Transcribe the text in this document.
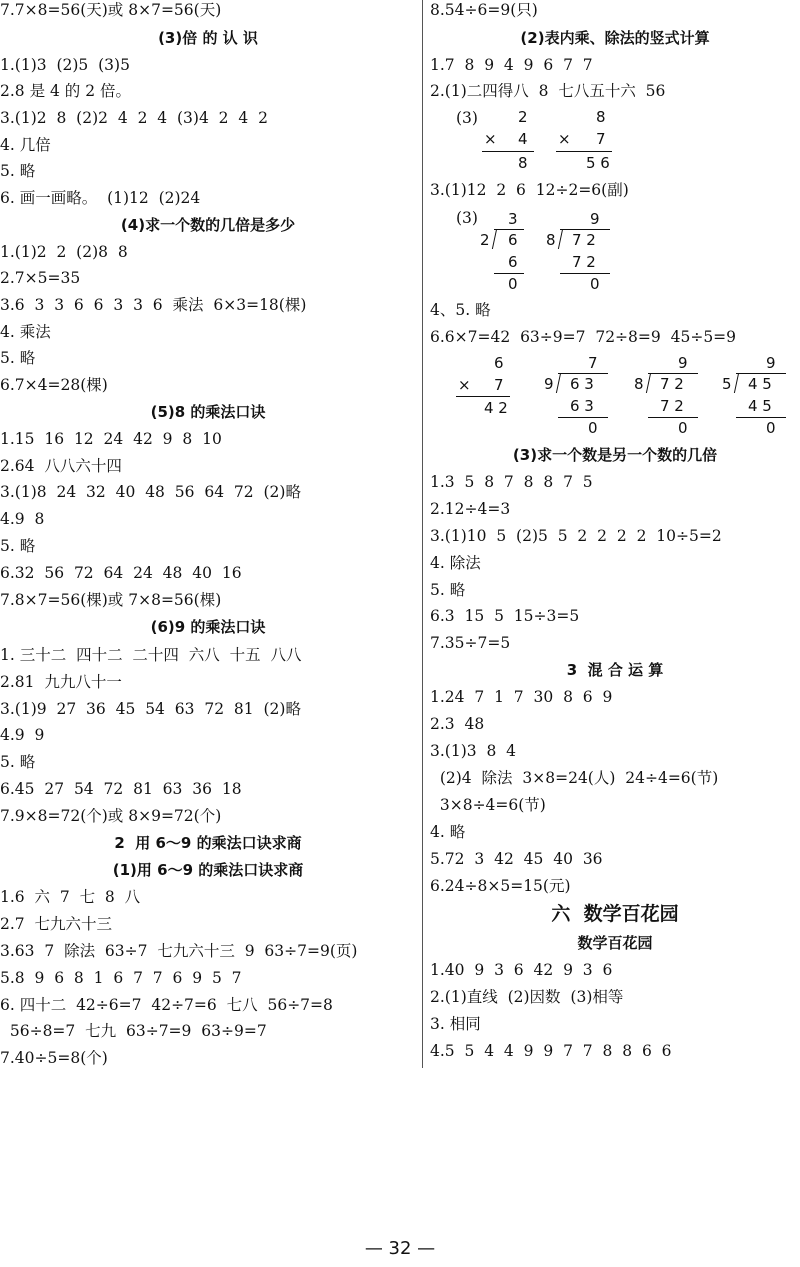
7.7×8=56(天)或 8×7=56(天)
(3)倍 的 认 识
1.(1)3  (2)5  (3)5
2.8 是 4 的 2 倍。
3.(1)2  8  (2)2  4  2  4  (3)4  2  4  2
4. 几倍
5. 略
6. 画一画略。  (1)12  (2)24
(4)求一个数的几倍是多少
1.(1)2  2  (2)8  8
2.7×5=35
3.6  3  3  6  6  3  3  6  乘法  6×3=18(棵)
4. 乘法
5. 略
6.7×4=28(棵)
(5)8 的乘法口诀
1.15  16  12  24  42  9  8  10
2.64  八八六十四
3.(1)8  24  32  40  48  56  64  72  (2)略
4.9  8
5. 略
6.32  56  72  64  24  48  40  16
7.8×7=56(棵)或 7×8=56(棵)
(6)9 的乘法口诀
1. 三十二  四十二  二十四  六八  十五  八八
2.81  九九八十一
3.(1)9  27  36  45  54  63  72  81  (2)略
4.9  9
5. 略
6.45  27  54  72  81  63  36  18
7.9×8=72(个)或 8×9=72(个)
2  用 6～9 的乘法口诀求商
(1)用 6～9 的乘法口诀求商
1.6  六  7  七  8  八
2.7  七九六十三
3.63  7  除法  63÷7  七九六十三  9  63÷7=9(页)
5.8  9  6  8  1  6  7  7  6  9  5  7
6. 四十二  42÷6=7  42÷7=6  七八  56÷7=8
56÷8=7  七九  63÷7=9  63÷9=7
7.40÷5=8(个)
8.54÷6=9(只)
(2)表内乘、除法的竖式计算
1.7  8  9  4  9  6  7  7
2.(1)二四得八  8  七八五十六  56
(3)	2
× 4
8
8
× 7
5 6
3.(1)12  2  6  12÷2=6(副)
(3) 3
2 6
6
0
9
8 7 2
7 2
0
4、5. 略
6.6×7=42  63÷9=7  72÷8=9  45÷5=9
6
× 7
4 2
7
9 6 3
6 3
0
9
8 7 2
7 2
0
9
5 4 5
4 5
0
(3)求一个数是另一个数的几倍
1.3  5  8  7  8  8  7  5
2.12÷4=3
3.(1)10  5  (2)5  5  2  2  2  2  10÷5=2
4. 除法
5. 略
6.3  15  5  15÷3=5
7.35÷7=5
3  混 合 运 算
1.24  7  1  7  30  8  6  9
2.3  48
3.(1)3  8  4
(2)4  除法  3×8=24(人)  24÷4=6(节)
3×8÷4=6(节)
4. 略
5.72  3  42  45  40  36
6.24÷8×5=15(元)
六  数学百花园
数学百花园
1.40  9  3  6  42  9  3  6
2.(1)直线  (2)因数  (3)相等
3. 相同
4.5  5  4  4  9  9  7  7  8  8  6  6
— 32 —
